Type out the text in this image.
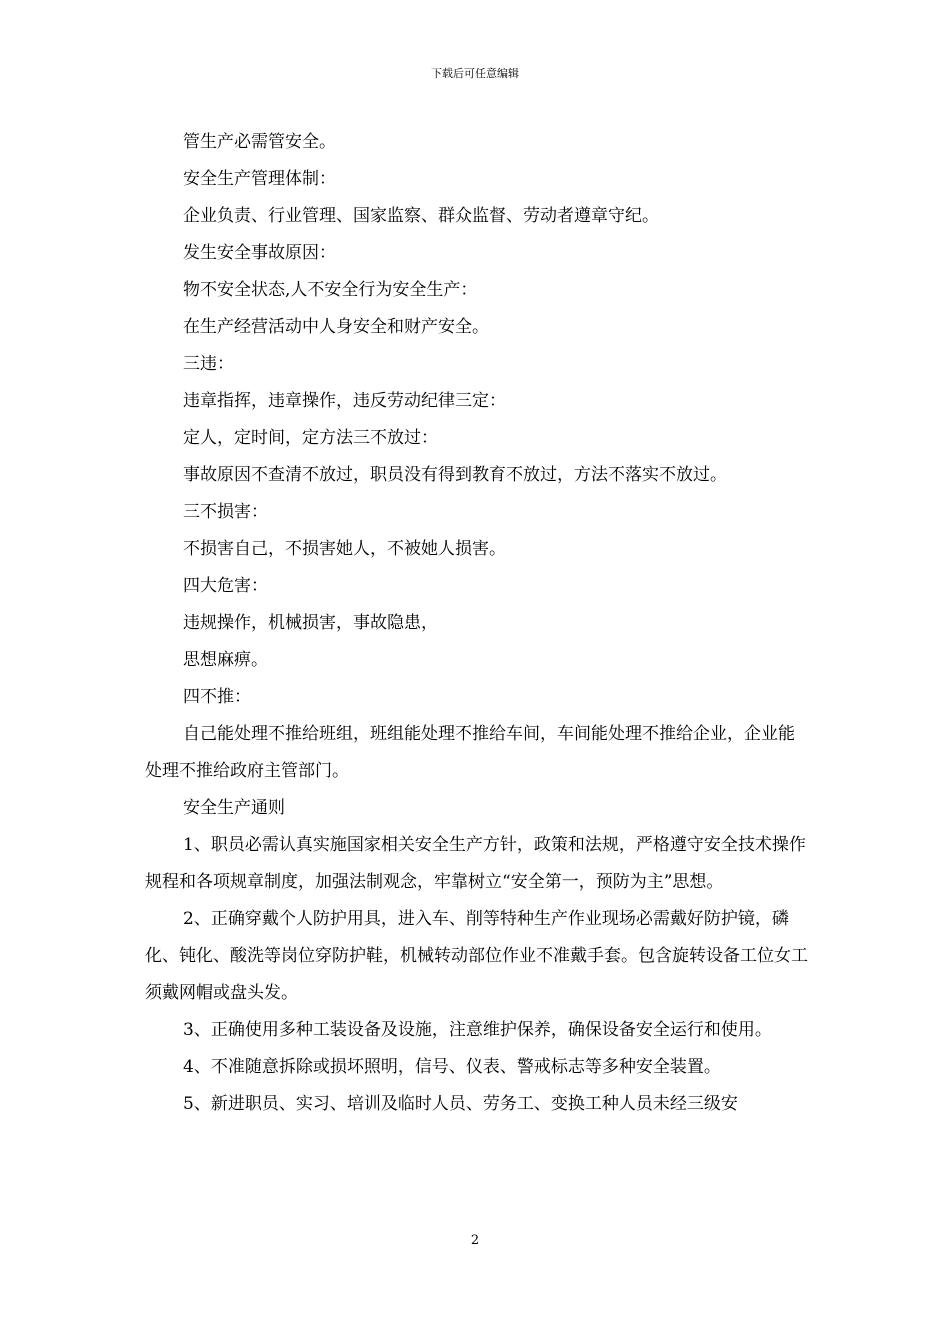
下载后可任意编辑

管生产必需管安全。

安全生产管理体制：

企业负责、行业管理、国家监察、群众监督、劳动者遵章守纪。

发生安全事故原因：

物不安全状态,人不安全行为安全生产：

在生产经营活动中人身安全和财产安全。

三违：

违章指挥，违章操作，违反劳动纪律三定：

定人，定时间，定方法三不放过：

事故原因不查清不放过，职员没有得到教育不放过，方法不落实不放过。

三不损害：

不损害自己，不损害她人，不被她人损害。

四大危害：

违规操作，机械损害，事故隐患，

思想麻痹。

四不推：

自己能处理不推给班组，班组能处理不推给车间，车间能处理不推给企业，企业能处理不推给政府主管部门。

安全生产通则

1、职员必需认真实施国家相关安全生产方针，政策和法规，严格遵守安全技术操作规程和各项规章制度，加强法制观念，牢靠树立“安全第一，预防为主”思想。

2、正确穿戴个人防护用具，进入车、削等特种生产作业现场必需戴好防护镜，磷化、钝化、酸洗等岗位穿防护鞋，机械转动部位作业不准戴手套。包含旋转设备工位女工须戴网帽或盘头发。

3、正确使用多种工装设备及设施，注意维护保养，确保设备安全运行和使用。

4、不准随意拆除或损坏照明，信号、仪表、警戒标志等多种安全装置。

5、新进职员、实习、培训及临时人员、劳务工、变换工种人员未经三级安

2
